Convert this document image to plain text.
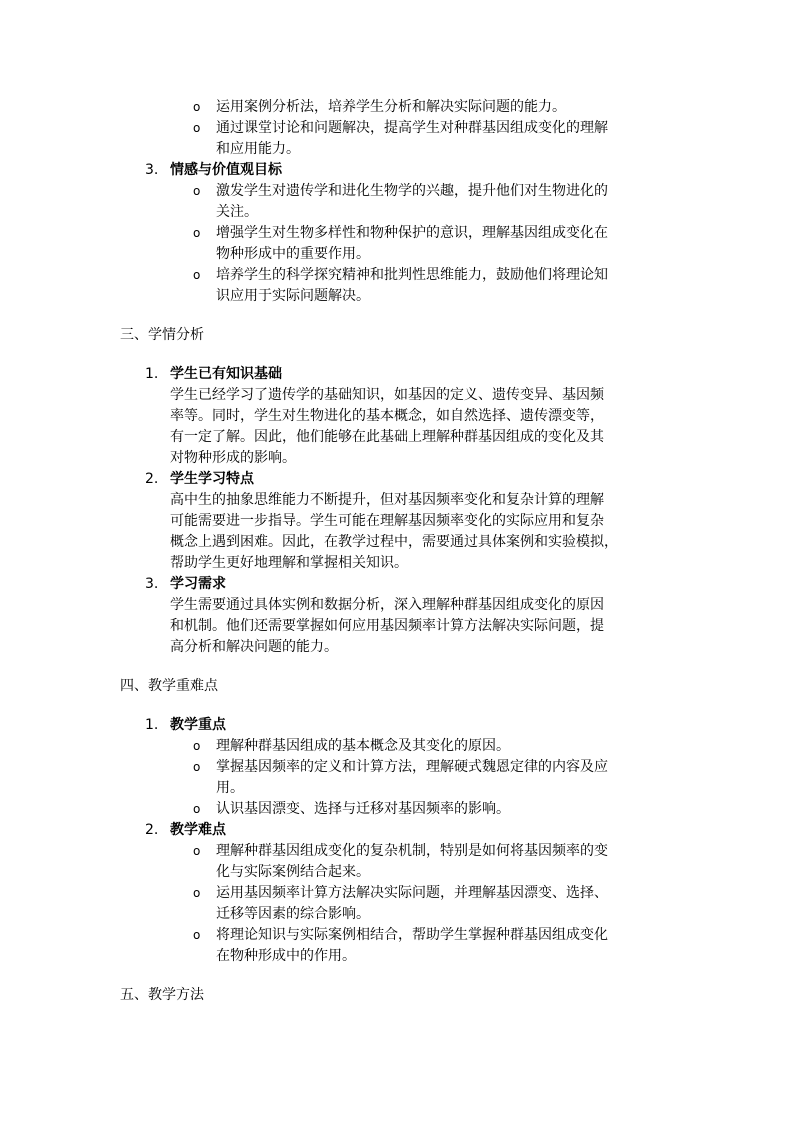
o 运用案例分析法，培养学生分析和解决实际问题的能力。
o 通过课堂讨论和问题解决，提高学生对种群基因组成变化的理解
和应用能力。
3. 情感与价值观目标
o 激发学生对遗传学和进化生物学的兴趣，提升他们对生物进化的
关注。
o 增强学生对生物多样性和物种保护的意识，理解基因组成变化在
物种形成中的重要作用。
o 培养学生的科学探究精神和批判性思维能力，鼓励他们将理论知
识应用于实际问题解决。
三、学情分析
1. 学生已有知识基础
学生已经学习了遗传学的基础知识，如基因的定义、遗传变异、基因频
率等。同时，学生对生物进化的基本概念，如自然选择、遗传漂变等，
有一定了解。因此，他们能够在此基础上理解种群基因组成的变化及其
对物种形成的影响。
2. 学生学习特点
高中生的抽象思维能力不断提升，但对基因频率变化和复杂计算的理解
可能需要进一步指导。学生可能在理解基因频率变化的实际应用和复杂
概念上遇到困难。因此，在教学过程中，需要通过具体案例和实验模拟，
帮助学生更好地理解和掌握相关知识。
3. 学习需求
学生需要通过具体实例和数据分析，深入理解种群基因组成变化的原因
和机制。他们还需要掌握如何应用基因频率计算方法解决实际问题，提
高分析和解决问题的能力。
四、教学重难点
1. 教学重点
o 理解种群基因组成的基本概念及其变化的原因。
o 掌握基因频率的定义和计算方法，理解硬式魏恩定律的内容及应
用。
o 认识基因漂变、选择与迁移对基因频率的影响。
2. 教学难点
o 理解种群基因组成变化的复杂机制，特别是如何将基因频率的变
化与实际案例结合起来。
o 运用基因频率计算方法解决实际问题，并理解基因漂变、选择、
迁移等因素的综合影响。
o 将理论知识与实际案例相结合，帮助学生掌握种群基因组成变化
在物种形成中的作用。
五、教学方法
